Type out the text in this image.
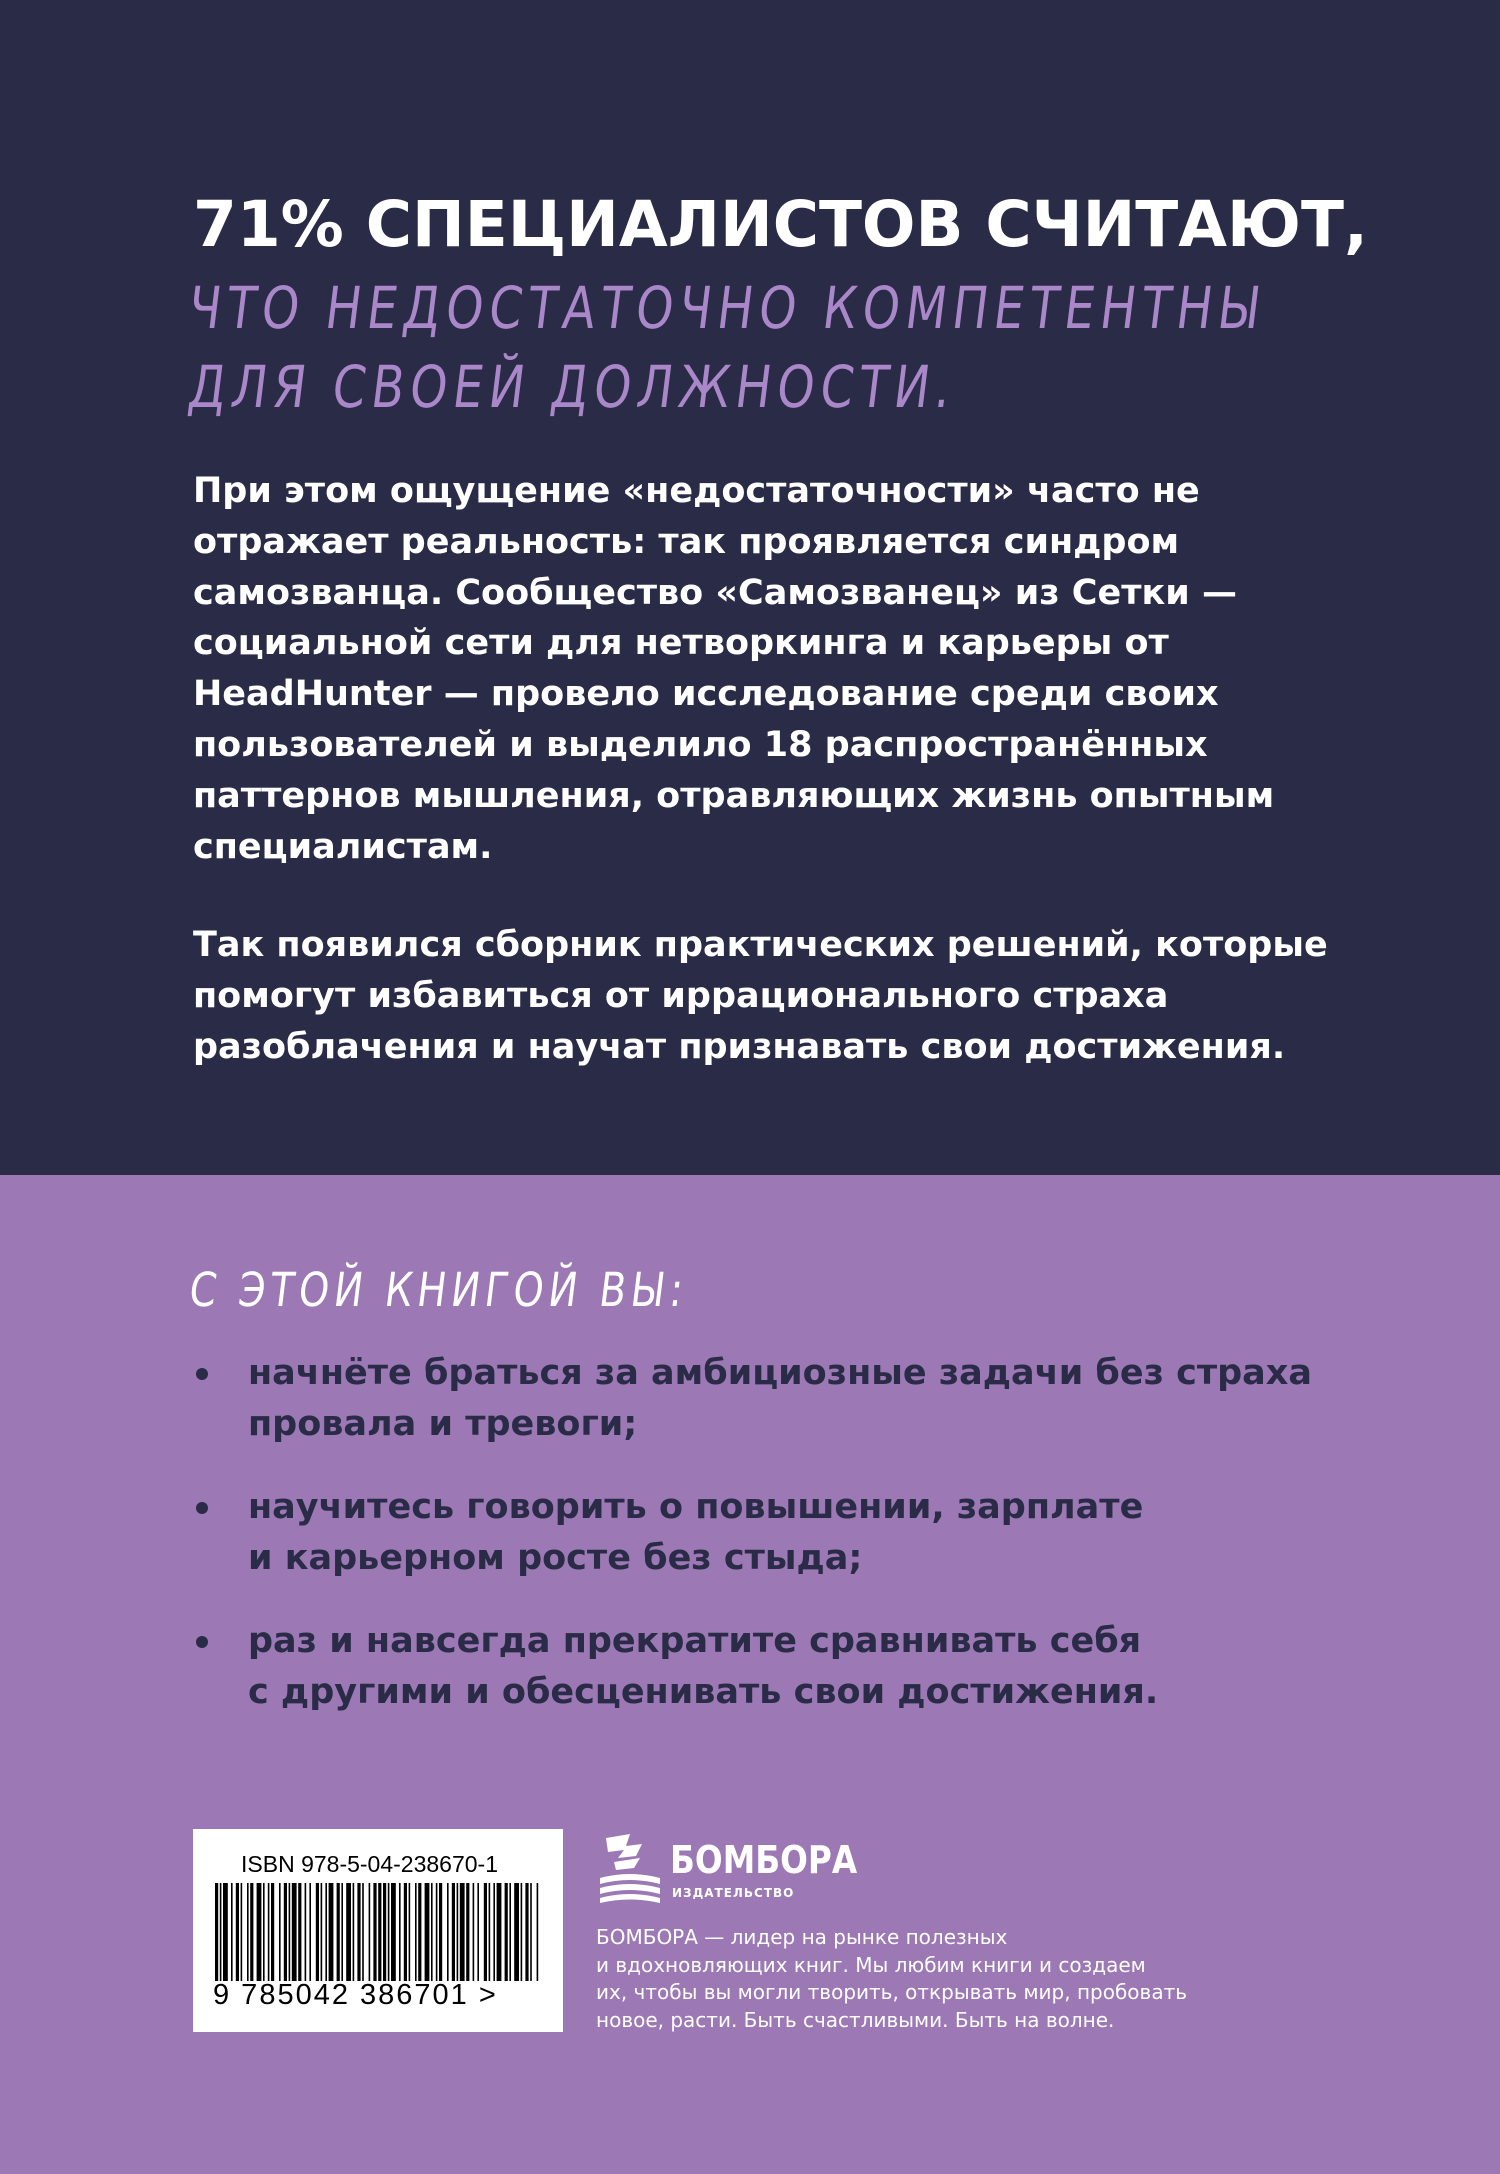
71% СПЕЦИАЛИСТОВ СЧИТАЮТ,

ЧТО НЕДОСТАТОЧНО КОМПЕТЕНТНЫ

ДЛЯ СВОЕЙ ДОЛЖНОСТИ.

При этом ощущение «недостаточности» часто не
отражает реальность: так проявляется синдром
самозванца. Сообщество «Самозванец» из Сетки —
социальной сети для нетворкинга и карьеры от
HeadHunter — провело исследование среди своих
пользователей и выделило 18 распространённых
паттернов мышления, отравляющих жизнь опытным
специалистам.

Так появился сборник практических решений, которые
помогут избавиться от иррационального страха
разоблачения и научат признавать свои достижения.

С ЭТОЙ КНИГОЙ ВЫ:

начнёте браться за амбициозные задачи без страха
провала и тревоги;
научитесь говорить о повышении, зарплате
и карьерном росте без стыда;
раз и навсегда прекратите сравнивать себя
с другими и обесценивать свои достижения.

ISBN 978-5-04-238670-1

9 785042 386701 >

БОМБОРА

ИЗДАТЕЛЬСТВО

БОМБОРА — лидер на рынке полезных
и вдохновляющих книг. Мы любим книги и создаем
их, чтобы вы могли творить, открывать мир, пробовать
новое, расти. Быть счастливыми. Быть на волне.
